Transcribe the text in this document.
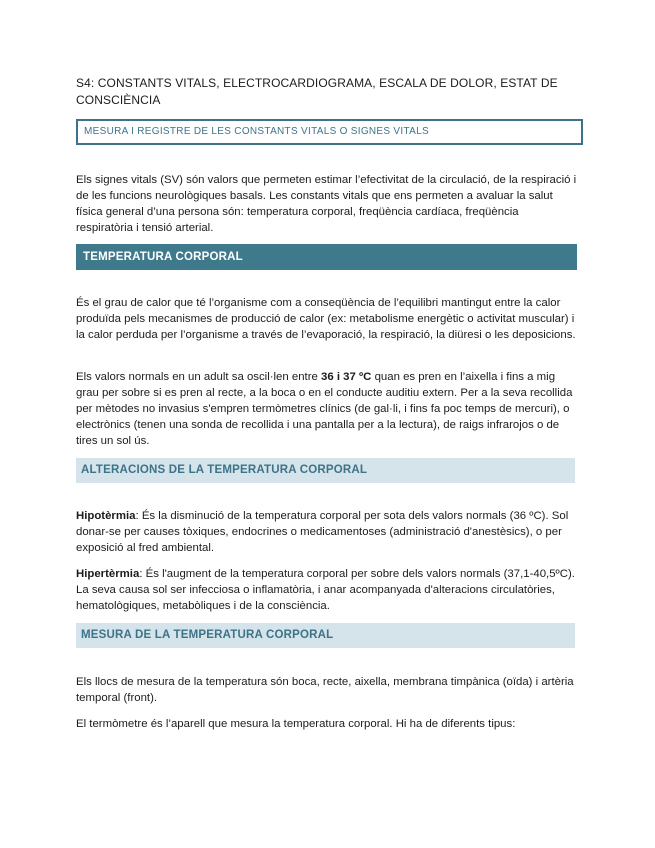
S4: CONSTANTS VITALS, ELECTROCARDIOGRAMA, ESCALA DE DOLOR, ESTAT DE CONSCIÈNCIA
MESURA I REGISTRE DE LES CONSTANTS VITALS O SIGNES VITALS

Els signes vitals (SV) són valors que permeten estimar l’efectivitat de la circulació, de la respiració i de les funcions neurològiques basals. Les constants vitals que ens permeten a avaluar la salut física general d’una persona són: temperatura corporal, freqüència cardíaca, freqüència respiratòria i tensió arterial.

TEMPERATURA CORPORAL

És el grau de calor que té l’organisme com a conseqüència de l’equilibri mantingut entre la calor produïda pels mecanismes de producció de calor (ex: metabolisme energètic o activitat muscular) i la calor perduda per l’organisme a través de l’evaporació, la respiració, la diüresi o les deposicions.

Els valors normals en un adult sa oscil·len entre 36 i 37 ºC quan es pren en l’aixella i fins a mig grau per sobre si es pren al recte, a la boca o en el conducte auditiu extern. Per a la seva recollida per mètodes no invasius s'empren termòmetres clínics (de gal·li, i fins fa poc temps de mercuri), o electrònics (tenen una sonda de recollida i una pantalla per a la lectura), de raigs infrarojos o de tires un sol ús.

ALTERACIONS DE LA TEMPERATURA CORPORAL

Hipotèrmia: És la disminució de la temperatura corporal per sota dels valors normals (36 ºC). Sol donar-se per causes tòxiques, endocrines o medicamentoses (administració d'anestèsics), o per exposició al fred ambiental.

Hipertèrmia: És l'augment de la temperatura corporal per sobre dels valors normals (37,1-40,5ºC). La seva causa sol ser infecciosa o inflamatòria, i anar acompanyada d'alteracions circulatòries, hematològiques, metabòliques i de la consciència.

MESURA DE LA TEMPERATURA CORPORAL

Els llocs de mesura de la temperatura són boca, recte, aixella, membrana timpànica (oïda) i artèria temporal (front).

El termòmetre és l’aparell que mesura la temperatura corporal. Hi ha de diferents tipus:
